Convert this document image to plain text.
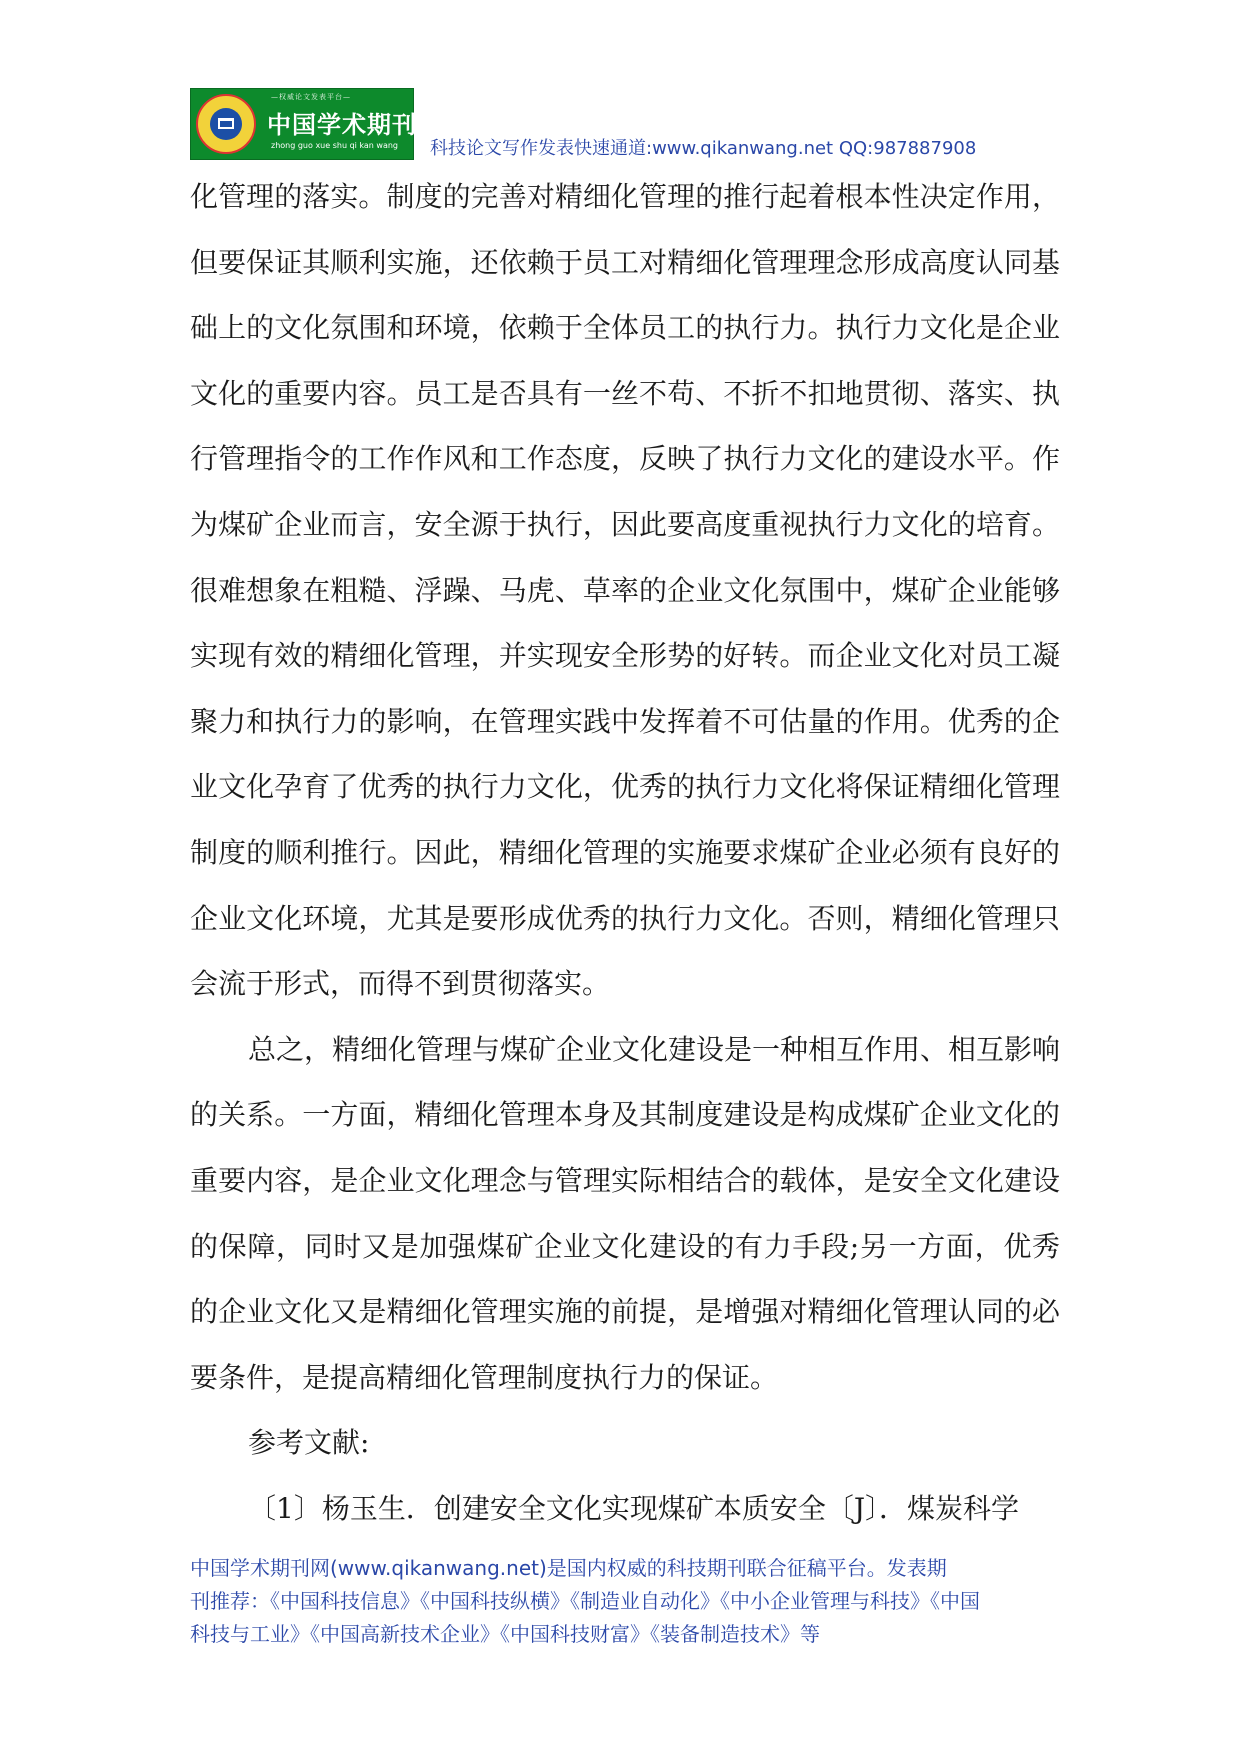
—权威论文发表平台—
中国学术期刊网
zhong guo xue shu qi kan wang 科技论文写作发表快速通道:www.qikanwang.net QQ:987887908

化管理的落实。制度的完善对精细化管理的推行起着根本性决定作用，但要保证其顺利实施，还依赖于员工对精细化管理理念形成高度认同基础上的文化氛围和环境，依赖于全体员工的执行力。执行力文化是企业文化的重要内容。员工是否具有一丝不苟、不折不扣地贯彻、落实、执行管理指令的工作作风和工作态度，反映了执行力文化的建设水平。作为煤矿企业而言，安全源于执行，因此要高度重视执行力文化的培育。很难想象在粗糙、浮躁、马虎、草率的企业文化氛围中，煤矿企业能够实现有效的精细化管理，并实现安全形势的好转。而企业文化对员工凝聚力和执行力的影响，在管理实践中发挥着不可估量的作用。优秀的企业文化孕育了优秀的执行力文化，优秀的执行力文化将保证精细化管理制度的顺利推行。因此，精细化管理的实施要求煤矿企业必须有良好的企业文化环境，尤其是要形成优秀的执行力文化。否则，精细化管理只会流于形式，而得不到贯彻落实。

总之，精细化管理与煤矿企业文化建设是一种相互作用、相互影响的关系。一方面，精细化管理本身及其制度建设是构成煤矿企业文化的重要内容，是企业文化理念与管理实际相结合的载体，是安全文化建设的保障，同时又是加强煤矿企业文化建设的有力手段;另一方面，优秀的企业文化又是精细化管理实施的前提，是增强对精细化管理认同的必要条件，是提高精细化管理制度执行力的保证。

参考文献:

〔1〕杨玉生．创建安全文化实现煤矿本质安全〔J〕．煤炭科学

中国学术期刊网(www.qikanwang.net)是国内权威的科技期刊联合征稿平台。发表期
刊推荐：《中国科技信息》《中国科技纵横》《制造业自动化》《中小企业管理与科技》《中国
科技与工业》《中国高新技术企业》《中国科技财富》《装备制造技术》等
